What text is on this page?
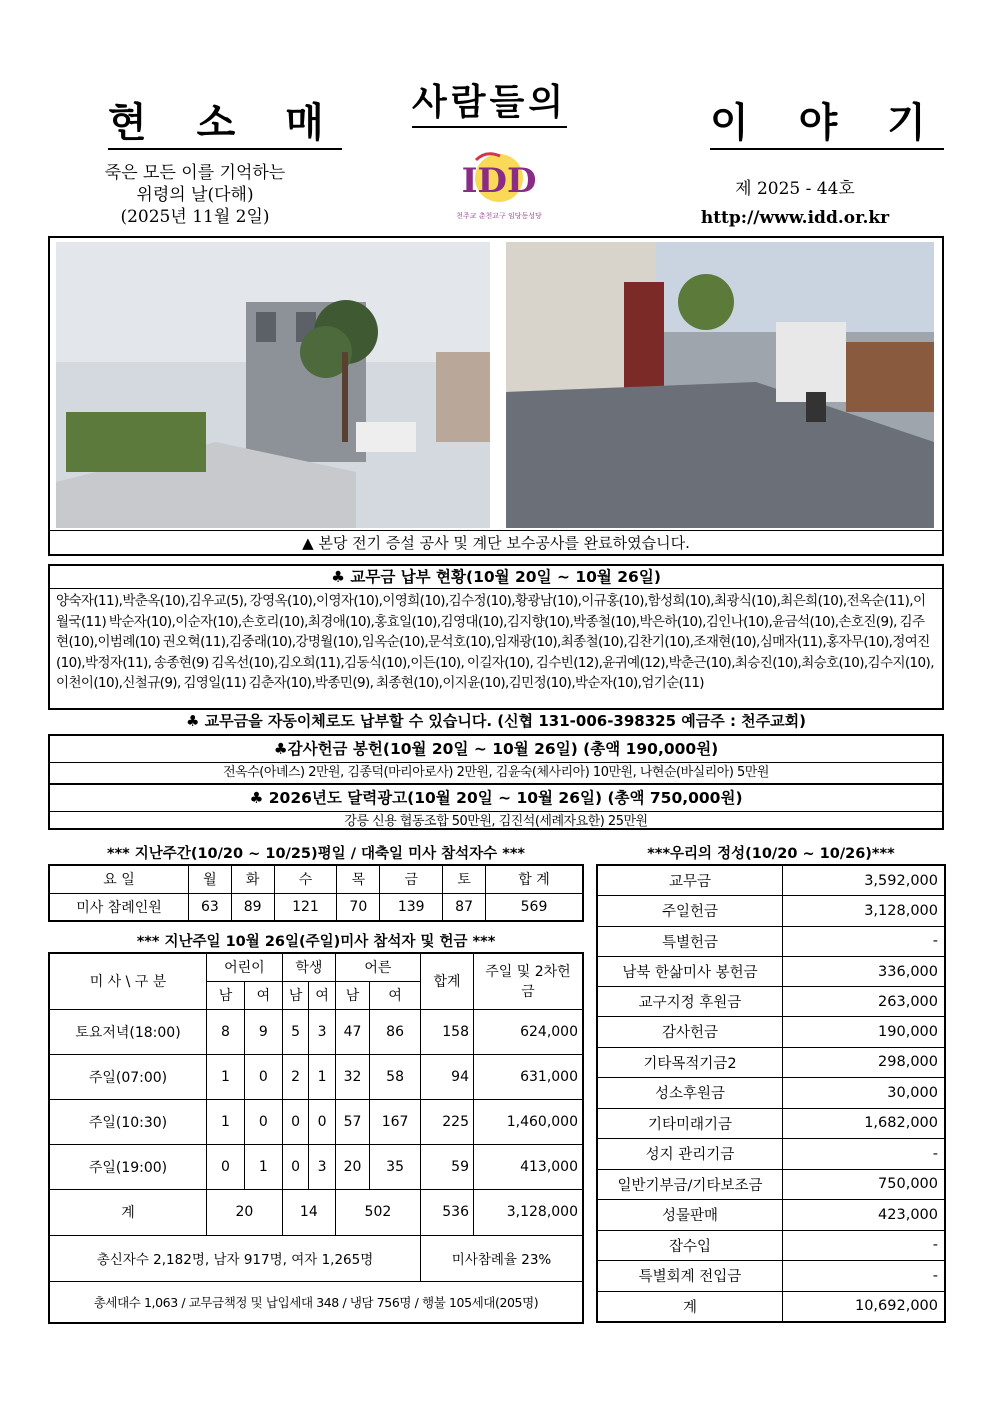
현 소 매 사람들의	이 야 기
죽은 모든 이를 기억하는
위령의 날(다해)
(2025년 11월 2일)
IDD
천주교 춘천교구 임당동성당
제 2025 - 44호
http://www.idd.or.kr
▲ 본당 전기 증설 공사 및 계단 보수공사를 완료하였습니다.
♣ 교무금 납부 현황(10월 20일 ~ 10월 26일)
양숙자(11),박춘옥(10),김우교(5), 강영옥(10),이영자(10),이영희(10),김수정(10),황광남(10),이규홍(10),함성희(10),최광식(10),최은희(10),전옥순(11),이월국(11) 박순자(10),이순자(10),손호리(10),최경애(10),홍효일(10),김영대(10),김지향(10),박종철(10),박은하(10),김인나(10),윤금석(10),손호진(9), 김주현(10),이범례(10) 권오혁(11),김중래(10),강명월(10),임옥순(10),문석호(10),임재광(10),최종철(10),김찬기(10),조재현(10),심매자(11),홍자무(10),정여진(10),박정자(11), 송종현(9) 김옥선(10),김오희(11),김동식(10),이든(10), 이길자(10), 김수빈(12),윤귀예(12),박춘근(10),최승진(10),최승호(10),김수지(10),이천이(10),신철규(9), 김영일(11) 김춘자(10),박종민(9), 최종현(10),이지윤(10),김민정(10),박순자(10),엄기순(11)
♣ 교무금을 자동이체로도 납부할 수 있습니다. (신협 131-006-398325 예금주 : 천주교회)
♣감사헌금 봉헌(10월 20일 ~ 10월 26일) (총액 190,000원)
전옥수(아녜스) 2만원, 김종덕(마리아로사) 2만원, 김윤숙(체사리아) 10만원, 나현순(바실리아) 5만원
♣ 2026년도 달력광고(10월 20일 ~ 10월 26일) (총액 750,000원)
강릉 신용 협동조합 50만원, 김진석(세례자요한) 25만원
*** 지난주간(10/20 ~ 10/25)평일 / 대축일 미사 참석자수 ***
요 일	월	화	수	목	금	토	합 계
미사 참례인원	63	89	121	70	139	87	569
*** 지난주일 10월 26일(주일)미사 참석자 및 헌금 ***
미 사 \ 구 분	어린이		학생		어른		합계	주일 및 2차헌금
	남	여	남	여	남	여		
토요저녁(18:00)	8	9	5	3	47	86	158	624,000
주일(07:00)	1	0	2	1	32	58	94	631,000
주일(10:30)	1	0	0	0	57	167	225	1,460,000
주일(19:00)	0	1	0	3	20	35	59	413,000
계	20		14		502		536	3,128,000
총신자수 2,182명, 남자 917명, 여자 1,265명							미사참례율 23%	
총세대수 1,063 / 교무금책정 및 납입세대 348 / 냉담 756명 / 행불 105세대(205명)								
***우리의 정성(10/20 ~ 10/26)***
교무금	3,592,000
주일헌금	3,128,000
특별헌금	-
남북 한삶미사 봉헌금	336,000
교구지정 후원금	263,000
감사헌금	190,000
기타목적기금2	298,000
성소후원금	30,000
기타미래기금	1,682,000
성지 관리기금	-
일반기부금/기타보조금	750,000
성물판매	423,000
잡수입	-
특별회계 전입금	-
계	10,692,000
